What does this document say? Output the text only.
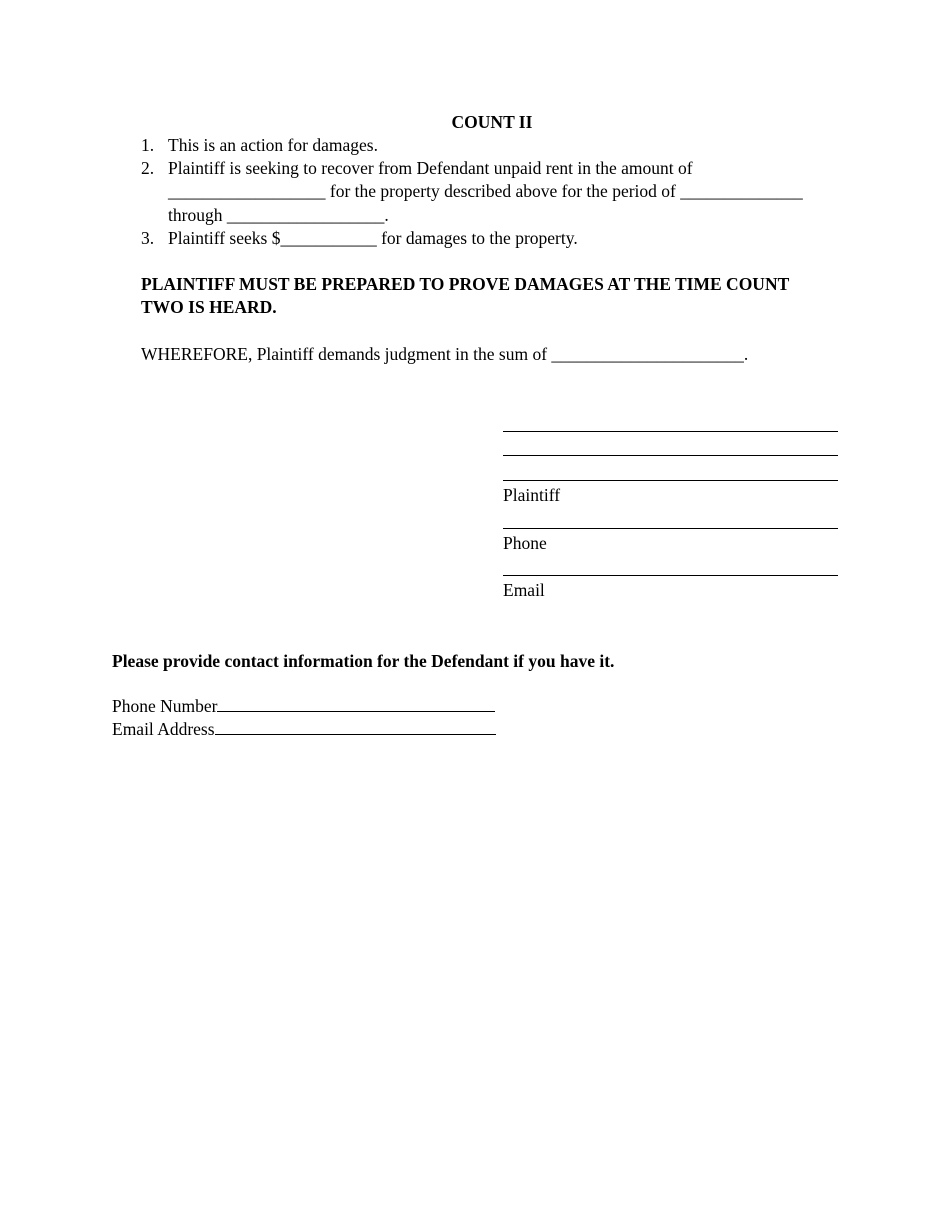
COUNT II
1. This is an action for damages.
2. Plaintiff is seeking to recover from Defendant unpaid rent in the amount of
__________________ for the property described above for the period of ______________
through __________________.
3. Plaintiff seeks $___________ for damages to the property.
PLAINTIFF MUST BE PREPARED TO PROVE DAMAGES AT THE TIME COUNT
TWO IS HEARD.
WHEREFORE, Plaintiff demands judgment in the sum of ______________________.
Plaintiff
Phone
Email
Please provide contact information for the Defendant if you have it.
Phone Number
Email Address
